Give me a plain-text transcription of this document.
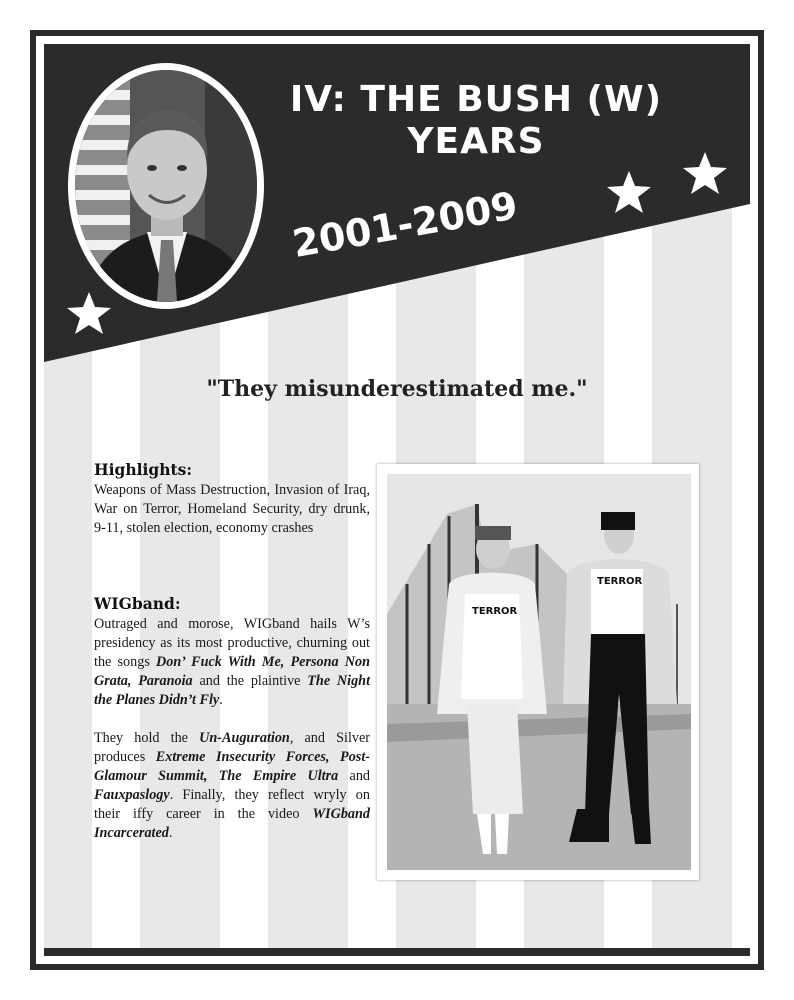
IV: THE BUSH (W)
YEARS
2001-2009

"They misunderestimated me."

Highlights:

Weapons of Mass Destruction, Invasion of Iraq, War on Terror, Homeland Security, dry drunk, 9-11, stolen election, economy crashes

WIGband:

Outraged and morose, WIGband hails W’s presidency as its most productive, churning out the songs Don’ Fuck With Me, Persona Non Grata, Paranoia and the plaintive The Night the Planes Didn’t Fly.

They hold the Un-Auguration, and Silver produces Extreme Insecurity Forces, Post-Glamour Summit, The Empire Ultra and Fauxpaslogy. Finally, they reflect wryly on their iffy career in the video WIGband Incarcerated.

TERROR
TERROR
